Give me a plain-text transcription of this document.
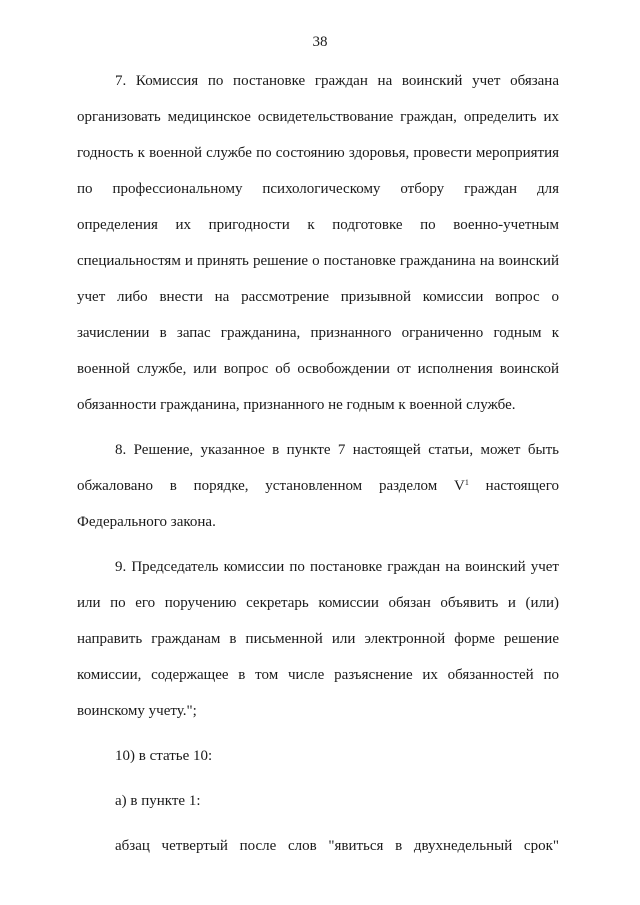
38

7. Комиссия по постановке граждан на воинский учет обязана организовать медицинское освидетельствование граждан, определить их годность к военной службе по состоянию здоровья, провести мероприятия по профессиональному психологическому отбору граждан для определения их пригодности к подготовке по военно-учетным специальностям и принять решение о постановке гражданина на воинский учет либо внести на рассмотрение призывной комиссии вопрос о зачислении в запас гражданина, признанного ограниченно годным к военной службе, или вопрос об освобождении от исполнения воинской обязанности гражданина, признанного не годным к военной службе.

8. Решение, указанное в пункте 7 настоящей статьи, может быть обжаловано в порядке, установленном разделом $V^1$ настоящего Федерального закона.

9. Председатель комиссии по постановке граждан на воинский учет или по его поручению секретарь комиссии обязан объявить и (или) направить гражданам в письменной или электронной форме решение комиссии, содержащее в том числе разъяснение их обязанностей по воинскому учету.";

10) в статье 10:

а) в пункте 1:

абзац четвертый после слов "явиться в двухнедельный срок"
